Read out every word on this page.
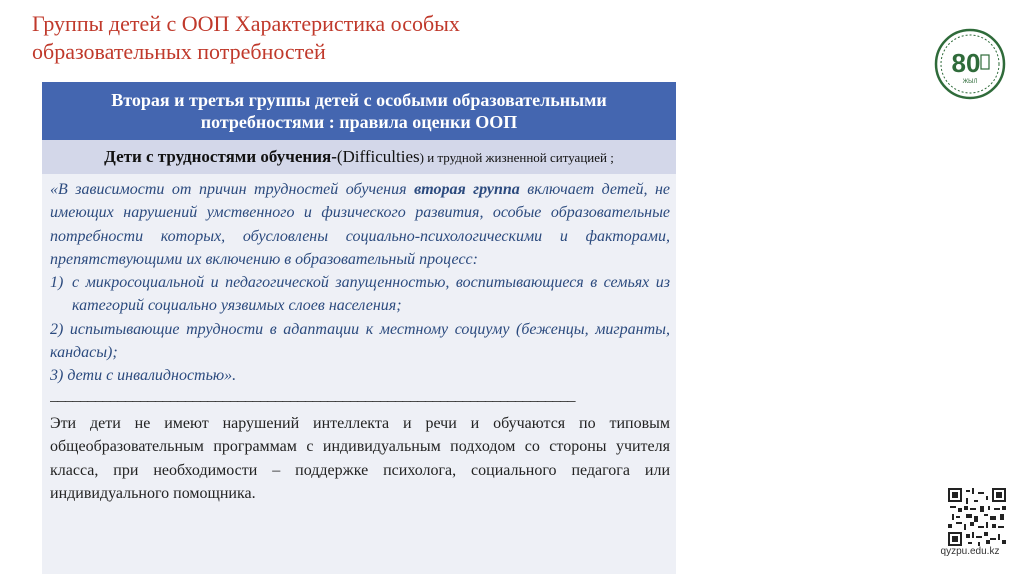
Группы детей с ООП Характеристика особых образовательных потребностей	80
ЖЫЛ
Вторая и третья группы детей с особыми образовательными потребностями : правила оценки ООП
Дети с трудностями обучения-(Difficulties) и трудной жизненной ситуацией ;
«В зависимости от причин трудностей обучения вторая группа включает детей, не имеющих нарушений умственного и физического развития, особые образовательные потребности которых, обусловлены социально-психологическими и факторами, препятствующими их включению в образовательный процесс:
1) с микросоциальной и педагогической запущенностью, воспитывающиеся в семьях из категорий социально уязвимых слоев населения;
2) испытывающие трудности в адаптации к местному социуму (беженцы, мигранты, кандасы);
3) дети с инвалидностью».
______________________________________________________________________
Эти дети не имеют нарушений интеллекта и речи и обучаются по типовым общеобразовательным программам с индивидуальным подходом со стороны учителя класса, при необходимости – поддержке психолога, социального педагога или индивидуального помощника.
qyzpu.edu.kz
